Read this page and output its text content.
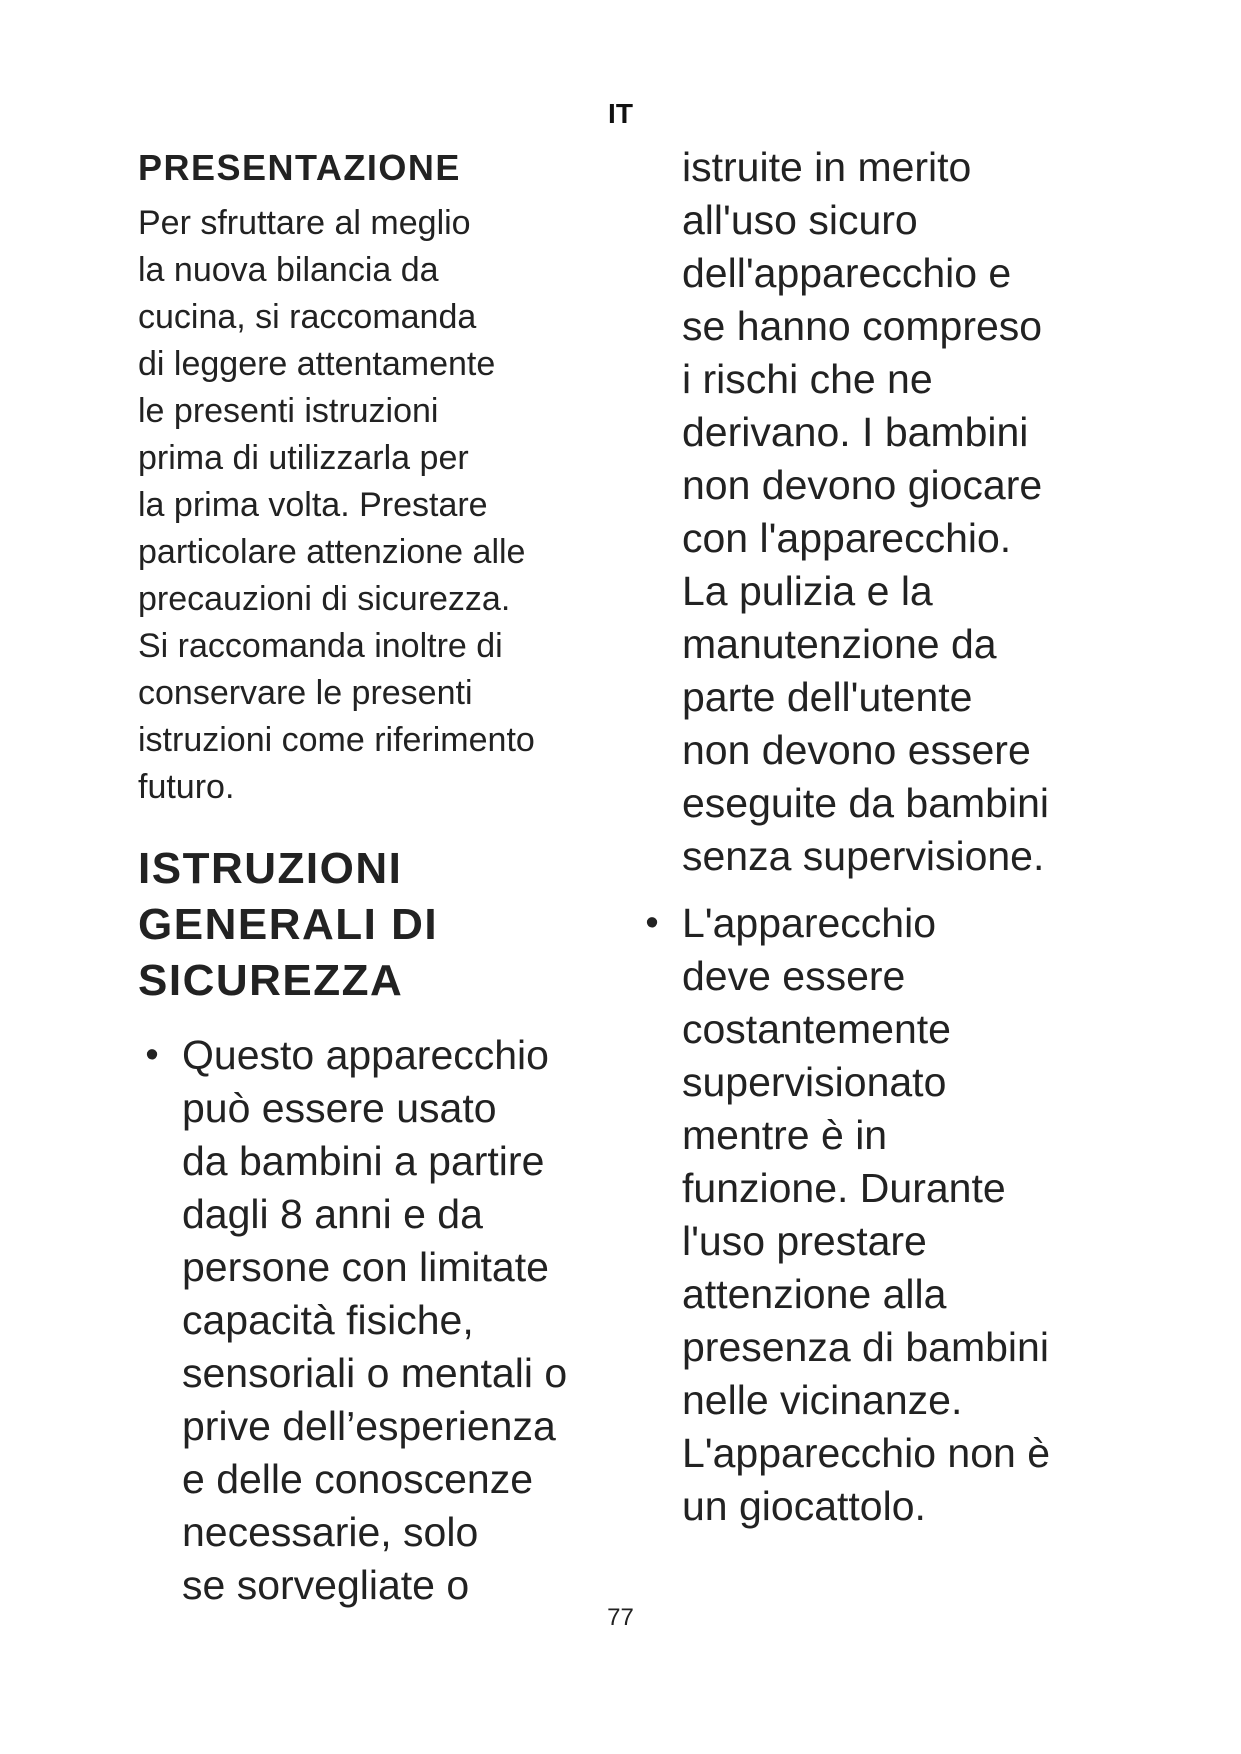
IT
PRESENTAZIONE
Per sfruttare al meglio
la nuova bilancia da
cucina, si raccomanda
di leggere attentamente
le presenti istruzioni
prima di utilizzarla per
la prima volta. Prestare
particolare attenzione alle
precauzioni di sicurezza.
Si raccomanda inoltre di
conservare le presenti
istruzioni come riferimento
futuro.
ISTRUZIONI
GENERALI DI
SICUREZZA
• Questo apparecchio
può essere usato
da bambini a partire
dagli 8 anni e da
persone con limitate
capacità fisiche,
sensoriali o mentali o
prive dell’esperienza
e delle conoscenze
necessarie, solo
se sorvegliate o
istruite in merito
all'uso sicuro
dell'apparecchio e
se hanno compreso
i rischi che ne
derivano. I bambini
non devono giocare
con l'apparecchio.
La pulizia e la
manutenzione da
parte dell'utente
non devono essere
eseguite da bambini
senza supervisione.
• L'apparecchio
deve essere
costantemente
supervisionato
mentre è in
funzione. Durante
l'uso prestare
attenzione alla
presenza di bambini
nelle vicinanze.
L'apparecchio non è
un giocattolo.
77
